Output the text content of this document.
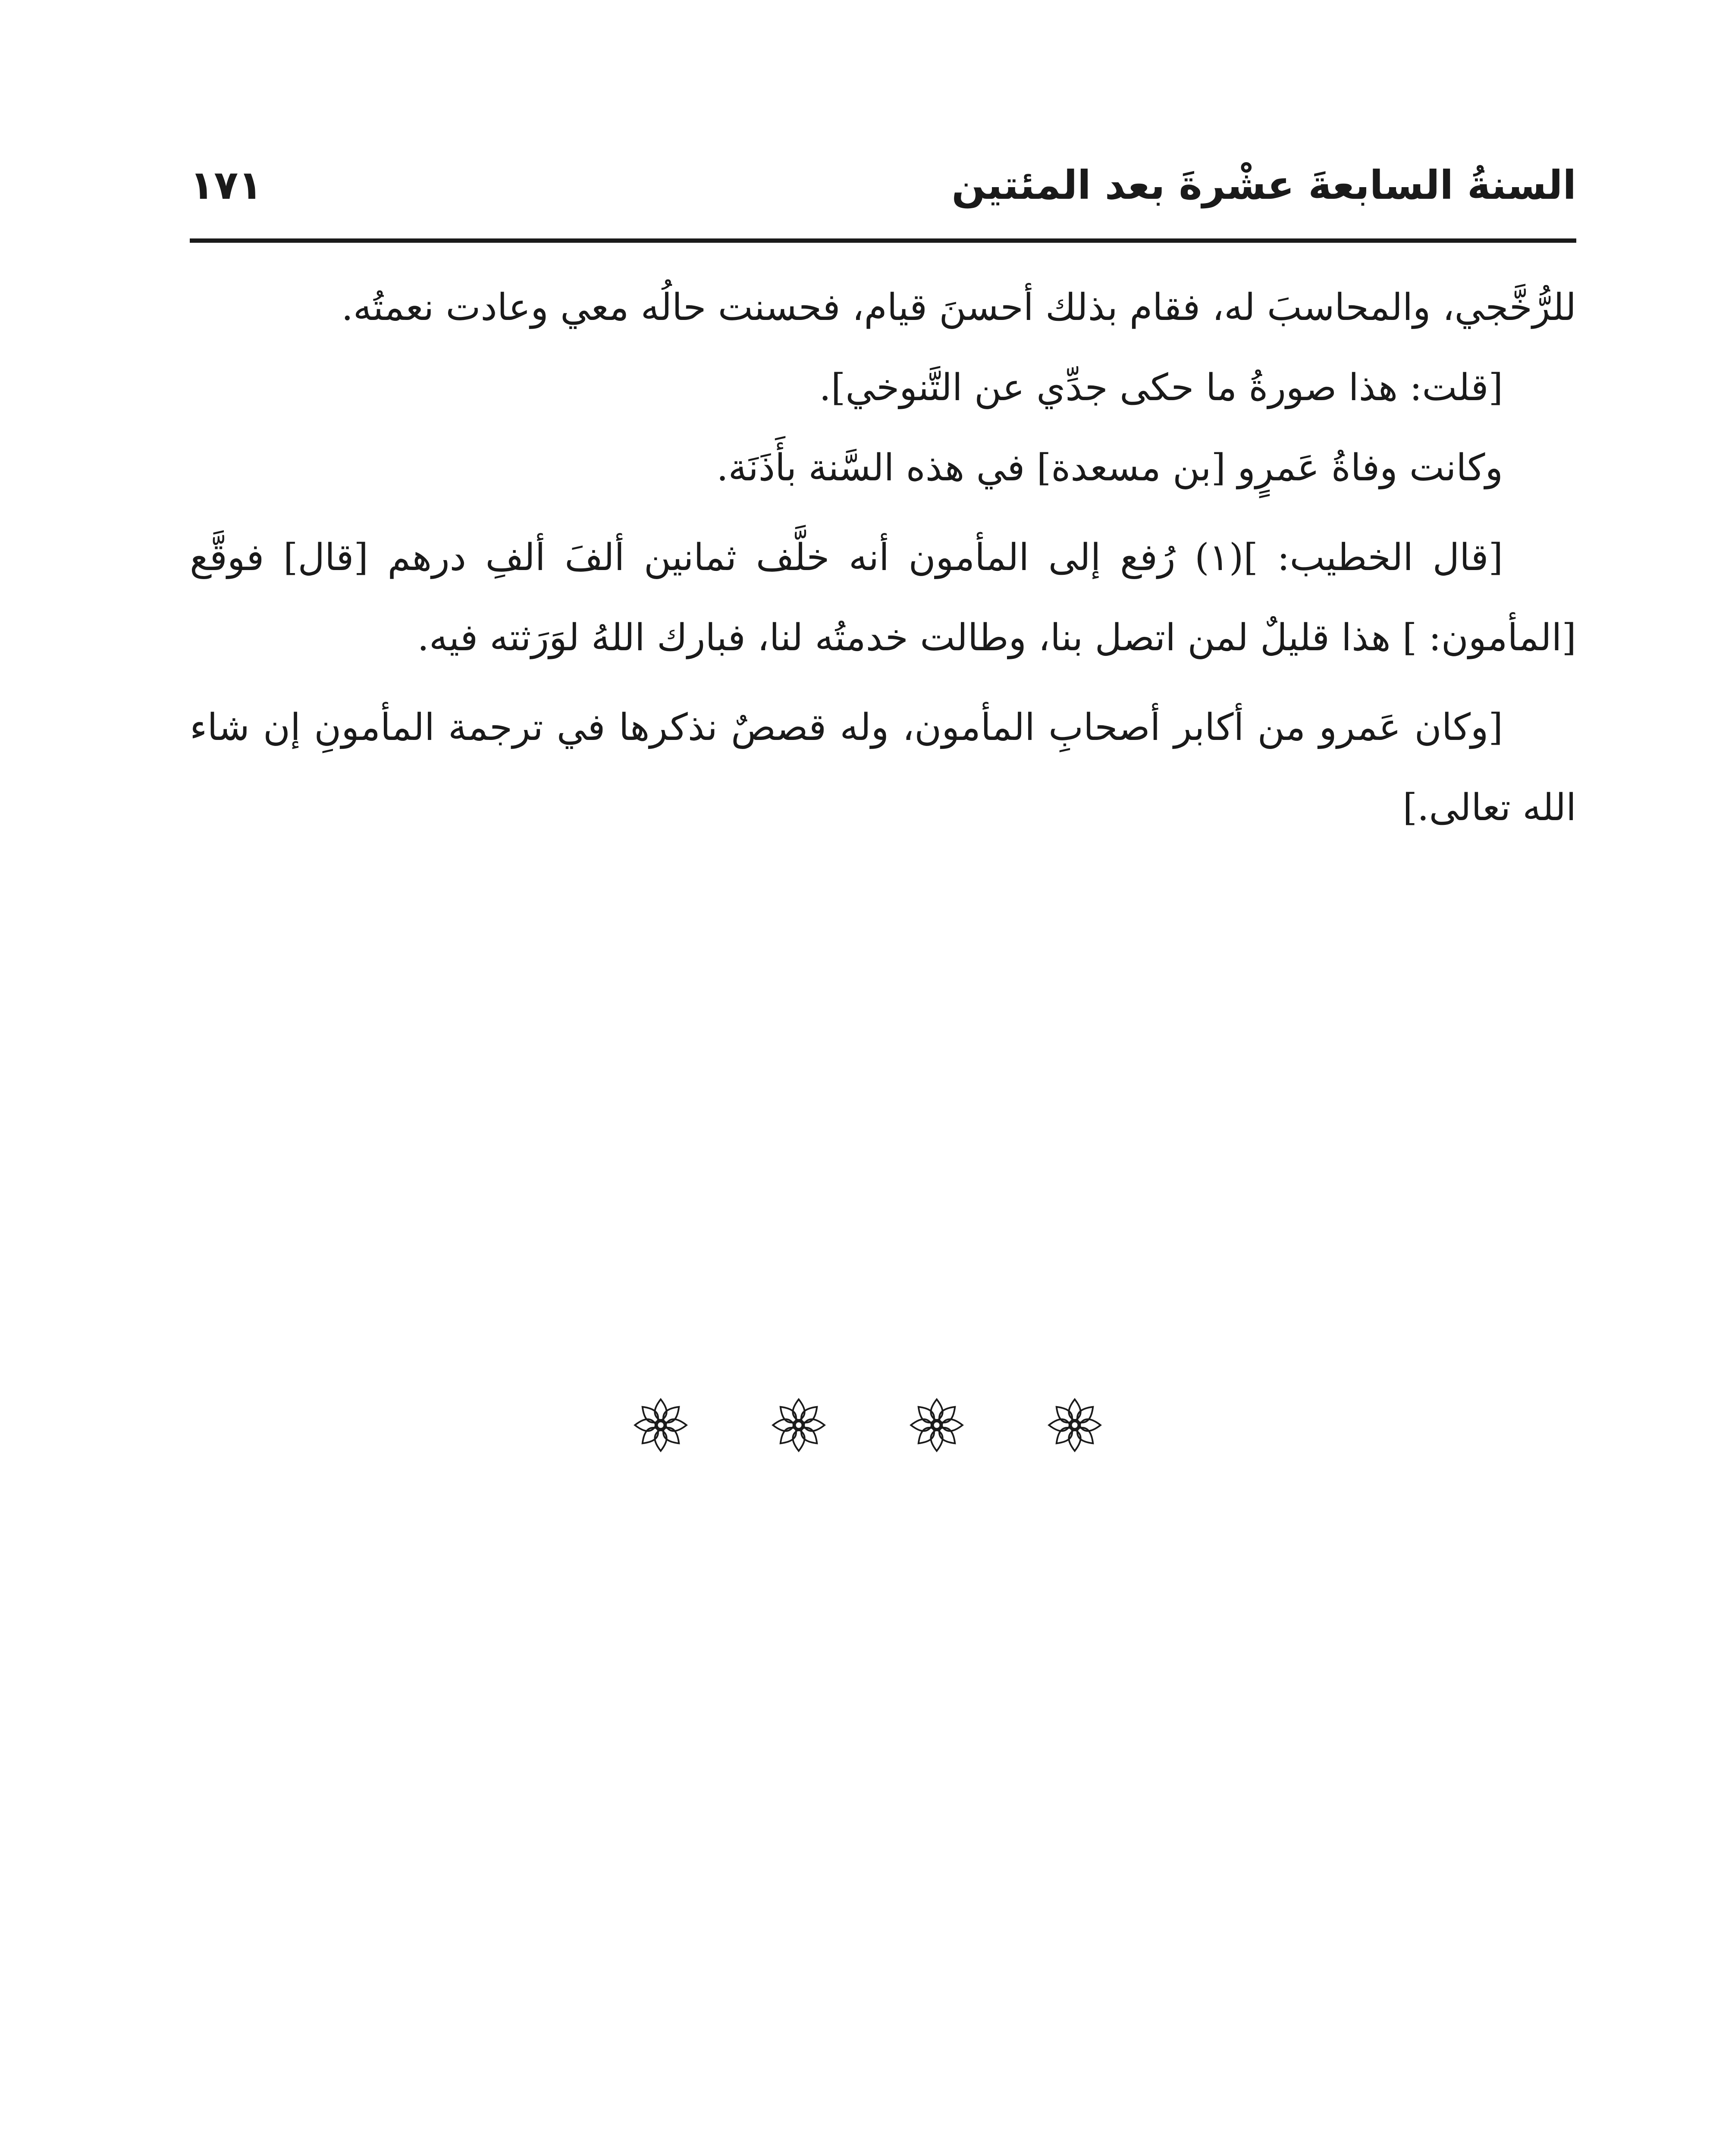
السنةُ السابعةَ عشْرةَ بعد المئتين
١٧١

للرُّخَّجي، والمحاسبَ له، فقام بذلك أحسنَ قيام، فحسنت حالُه معي وعادت نعمتُه.

[قلت: هذا صورةُ ما حكى جدِّي عن التَّنوخي].

وكانت وفاةُ عَمرٍو [بن مسعدة] في هذه السَّنة بأَذَنَة.

[قال الخطيب: ](١) رُفع إلى المأمون أنه خلَّف ثمانين ألفَ ألفِ درهم [قال] فوقَّع [المأمون: ] هذا قليلٌ لمن اتصل بنا، وطالت خدمتُه لنا، فبارك اللهُ لوَرَثته فيه.

[وكان عَمرو من أكابر أصحابِ المأمون، وله قصصٌ نذكرها في ترجمة المأمونِ إن شاء الله تعالى.]
